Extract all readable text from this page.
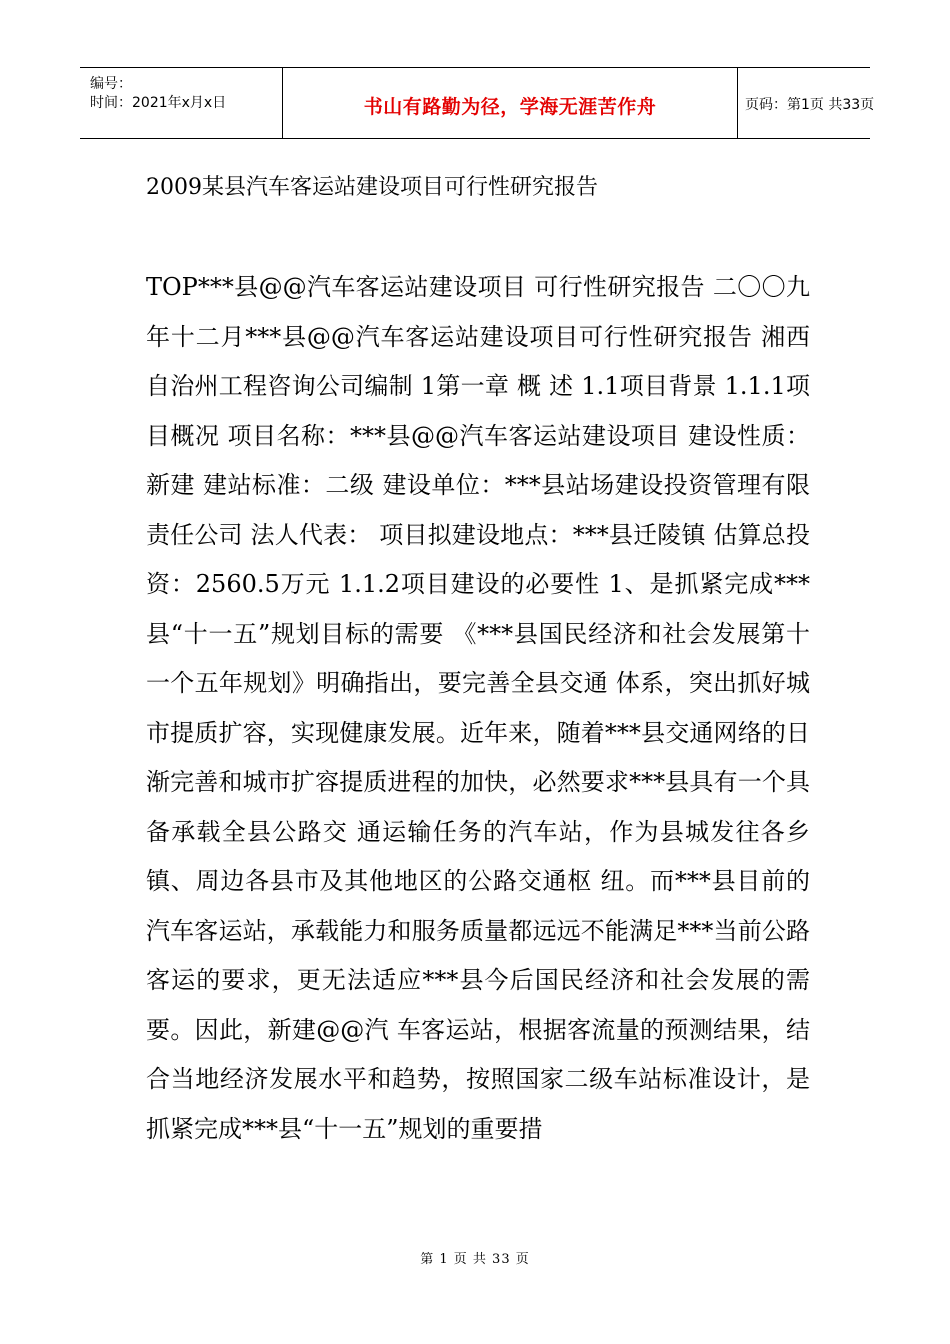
编号：
时间：2021年x月x日	书山有路勤为径，学海无涯苦作舟	页码：第1页 共33页
2009某县汽车客运站建设项目可行性研究报告
TOP***县@@汽车客运站建设项目 可行性研究报告 二〇〇九年十二月***县@@汽车客运站建设项目可行性研究报告 湘西自治州工程咨询公司编制 1第一章 概 述 1.1项目背景 1.1.1项目概况 项目名称：***县@@汽车客运站建设项目 建设性质：新建 建站标准：二级 建设单位：***县站场建设投资管理有限责任公司 法人代表： 项目拟建设地点：***县迁陵镇 估算总投资：2560.5万元 1.1.2项目建设的必要性 1、是抓紧完成***县“十一五”规划目标的需要 《***县国民经济和社会发展第十一个五年规划》明确指出，要完善全县交通 体系，突出抓好城市提质扩容，实现健康发展。近年来，随着***县交通网络的日 渐完善和城市扩容提质进程的加快，必然要求***县具有一个具备承载全县公路交 通运输任务的汽车站，作为县城发往各乡镇、周边各县市及其他地区的公路交通枢 纽。而***县目前的汽车客运站，承载能力和服务质量都远远不能满足***当前公路 客运的要求，更无法适应***县今后国民经济和社会发展的需要。因此，新建@@汽 车客运站，根据客流量的预测结果，结合当地经济发展水平和趋势，按照国家二级车站标准设计，是抓紧完成***县“十一五”规划的重要措
第 1 页 共 33 页
